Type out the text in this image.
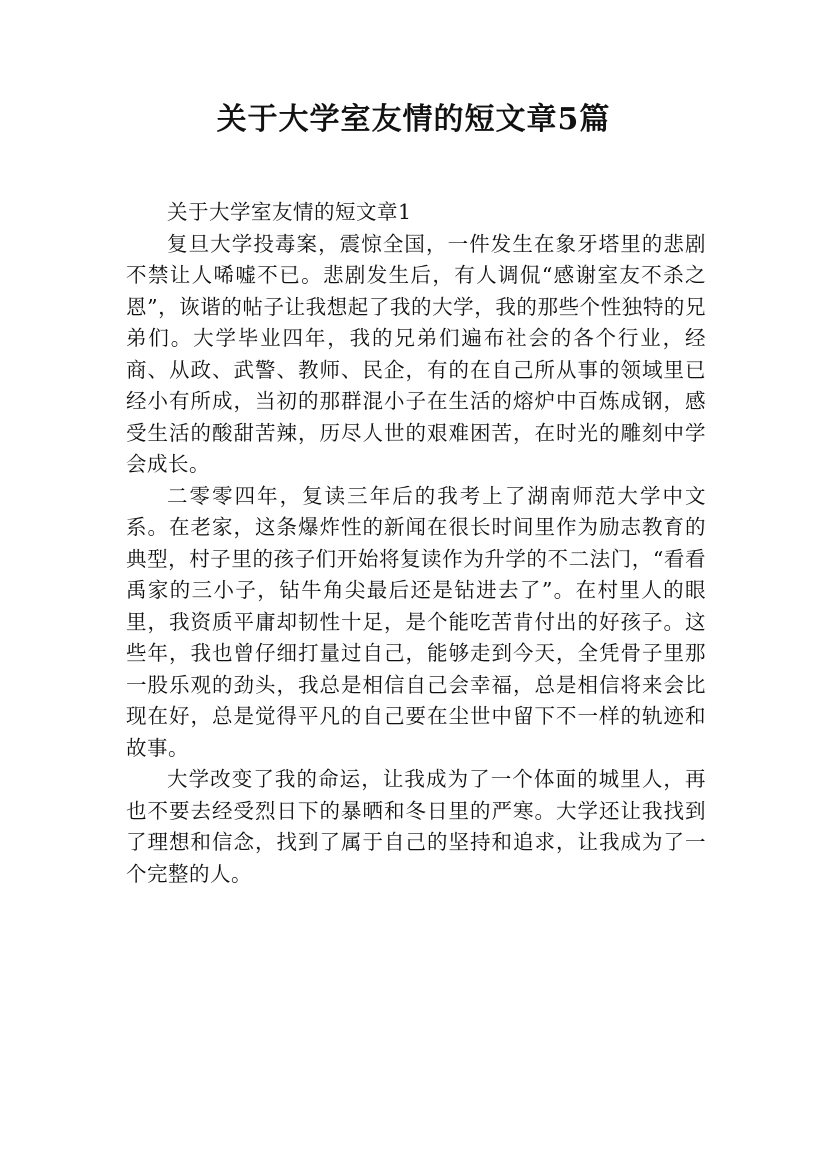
关于大学室友情的短文章5篇

关于大学室友情的短文章1

复旦大学投毒案，震惊全国，一件发生在象牙塔里的悲剧不禁让人唏嘘不已。悲剧发生后，有人调侃“感谢室友不杀之恩”，诙谐的帖子让我想起了我的大学，我的那些个性独特的兄弟们。大学毕业四年，我的兄弟们遍布社会的各个行业，经商、从政、武警、教师、民企，有的在自己所从事的领域里已经小有所成，当初的那群混小子在生活的熔炉中百炼成钢，感受生活的酸甜苦辣，历尽人世的艰难困苦，在时光的雕刻中学会成长。

二零零四年，复读三年后的我考上了湖南师范大学中文系。在老家，这条爆炸性的新闻在很长时间里作为励志教育的典型，村子里的孩子们开始将复读作为升学的不二法门，“看看禹家的三小子，钻牛角尖最后还是钻进去了”。在村里人的眼里，我资质平庸却韧性十足，是个能吃苦肯付出的好孩子。这些年，我也曾仔细打量过自己，能够走到今天，全凭骨子里那一股乐观的劲头，我总是相信自己会幸福，总是相信将来会比现在好，总是觉得平凡的自己要在尘世中留下不一样的轨迹和故事。

大学改变了我的命运，让我成为了一个体面的城里人，再也不要去经受烈日下的暴晒和冬日里的严寒。大学还让我找到了理想和信念，找到了属于自己的坚持和追求，让我成为了一个完整的人。
